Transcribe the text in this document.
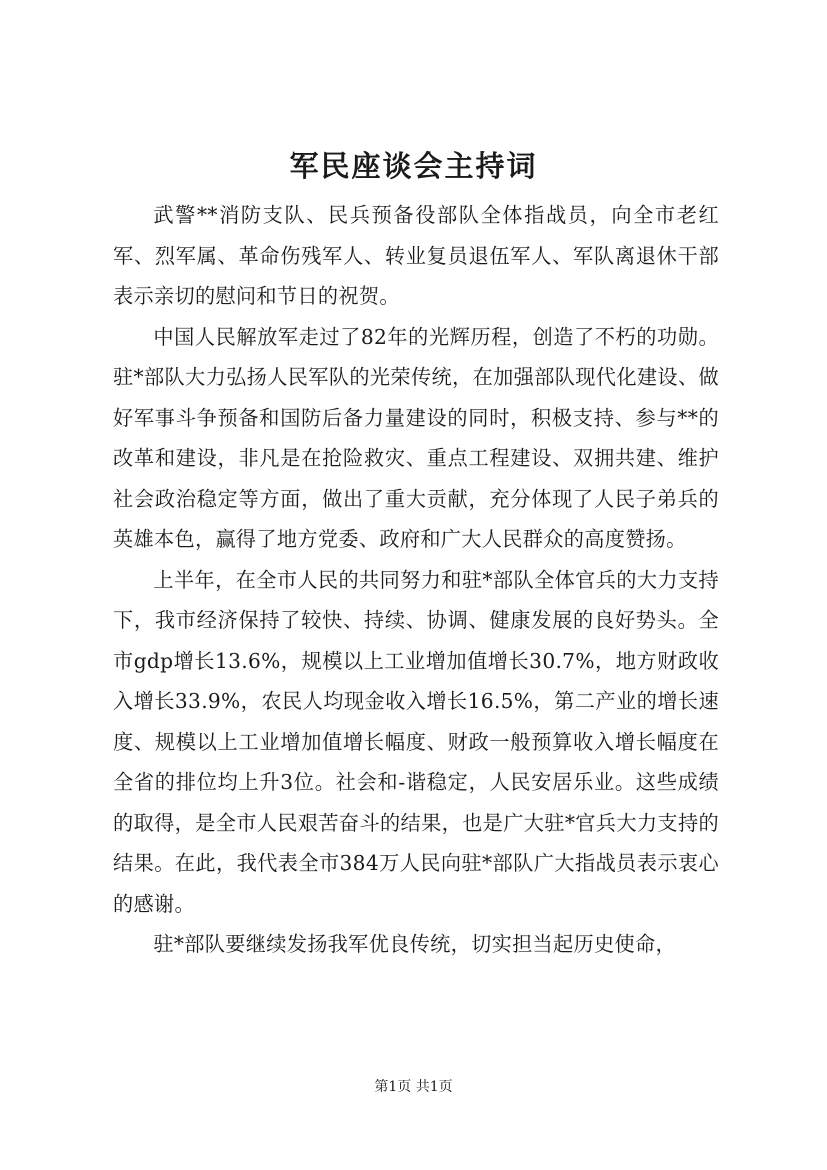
军民座谈会主持词

武警**消防支队、民兵预备役部队全体指战员，向全市老红军、烈军属、革命伤残军人、转业复员退伍军人、军队离退休干部表示亲切的慰问和节日的祝贺。

中国人民解放军走过了82年的光辉历程，创造了不朽的功勋。驻*部队大力弘扬人民军队的光荣传统，在加强部队现代化建设、做好军事斗争预备和国防后备力量建设的同时，积极支持、参与**的改革和建设，非凡是在抢险救灾、重点工程建设、双拥共建、维护社会政治稳定等方面，做出了重大贡献，充分体现了人民子弟兵的英雄本色，赢得了地方党委、政府和广大人民群众的高度赞扬。

上半年，在全市人民的共同努力和驻*部队全体官兵的大力支持下，我市经济保持了较快、持续、协调、健康发展的良好势头。全市gdp增长13.6%，规模以上工业增加值增长30.7%，地方财政收入增长33.9%，农民人均现金收入增长16.5%，第二产业的增长速度、规模以上工业增加值增长幅度、财政一般预算收入增长幅度在全省的排位均上升3位。社会和-谐稳定，人民安居乐业。这些成绩的取得，是全市人民艰苦奋斗的结果，也是广大驻*官兵大力支持的结果。在此，我代表全市384万人民向驻*部队广大指战员表示衷心的感谢。

驻*部队要继续发扬我军优良传统，切实担当起历史使命，

第1页 共1页
